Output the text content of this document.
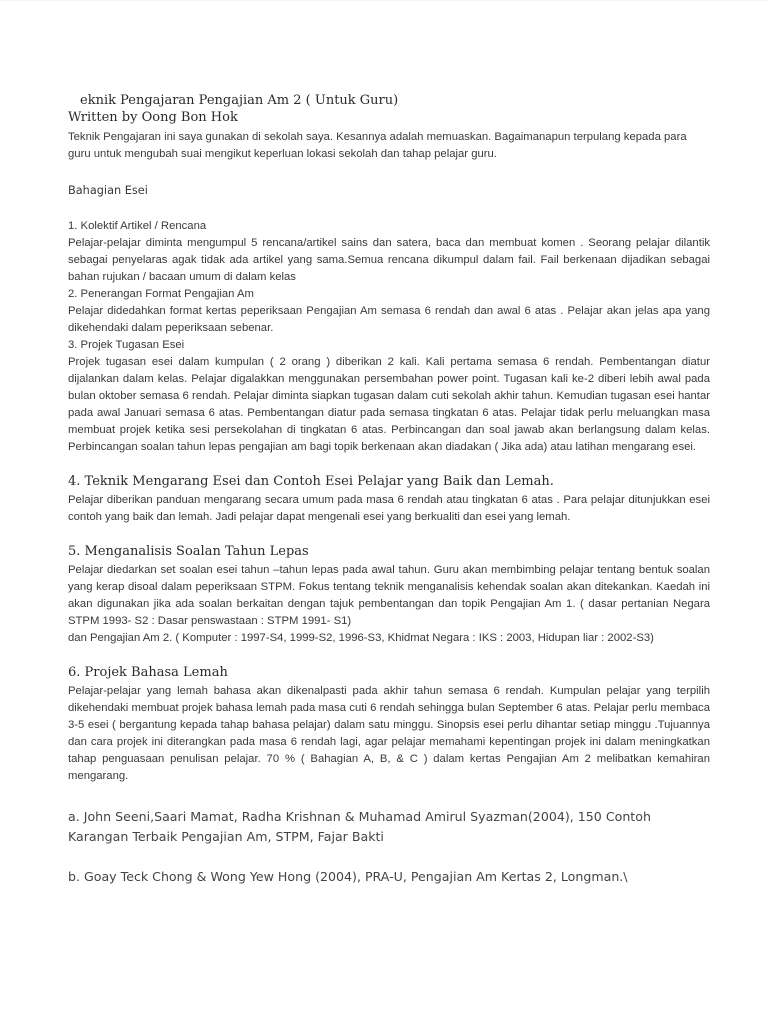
eknik Pengajaran Pengajian Am 2 ( Untuk Guru)

Written by Oong Bon Hok

Teknik Pengajaran ini saya gunakan di sekolah saya. Kesannya adalah memuaskan. Bagaimanapun terpulang kepada para guru untuk mengubah suai mengikut keperluan lokasi sekolah dan tahap pelajar guru.

Bahagian Esei

1. Kolektif Artikel / Rencana

Pelajar-pelajar diminta mengumpul 5 rencana/artikel sains dan satera, baca dan membuat komen . Seorang pelajar dilantik sebagai penyelaras agak tidak ada artikel yang sama.Semua rencana dikumpul dalam fail. Fail berkenaan dijadikan sebagai bahan rujukan / bacaan umum di dalam kelas

2. Penerangan Format Pengajian Am

Pelajar didedahkan format kertas peperiksaan Pengajian Am semasa 6 rendah dan awal 6 atas . Pelajar akan jelas apa yang dikehendaki dalam peperiksaan sebenar.

3. Projek Tugasan Esei

Projek tugasan esei dalam kumpulan ( 2 orang ) diberikan 2 kali. Kali pertama semasa 6 rendah. Pembentangan diatur dijalankan dalam kelas. Pelajar digalakkan menggunakan persembahan power point. Tugasan kali ke-2 diberi lebih awal pada bulan oktober semasa 6 rendah. Pelajar diminta siapkan tugasan dalam cuti sekolah akhir tahun. Kemudian tugasan esei hantar pada awal Januari semasa 6 atas. Pembentangan diatur pada semasa tingkatan 6 atas. Pelajar tidak perlu meluangkan masa membuat projek ketika sesi persekolahan di tingkatan 6 atas. Perbincangan dan soal jawab akan berlangsung dalam kelas. Perbincangan soalan tahun lepas pengajian am bagi topik berkenaan akan diadakan ( Jika ada) atau latihan mengarang esei.

4. Teknik Mengarang Esei dan Contoh Esei Pelajar yang Baik dan Lemah.

Pelajar diberikan panduan mengarang secara umum pada masa 6 rendah atau tingkatan 6 atas . Para pelajar ditunjukkan esei contoh yang baik dan lemah. Jadi pelajar dapat mengenali esei yang berkualiti dan esei yang lemah.

5. Menganalisis Soalan Tahun Lepas

Pelajar diedarkan set soalan esei tahun –tahun lepas pada awal tahun. Guru akan membimbing pelajar tentang bentuk soalan yang kerap disoal dalam peperiksaan STPM. Fokus tentang teknik menganalisis kehendak soalan akan ditekankan. Kaedah ini akan digunakan jika ada soalan berkaitan dengan tajuk pembentangan dan topik Pengajian Am 1. ( dasar pertanian Negara STPM 1993- S2 : Dasar penswastaan : STPM 1991- S1)

dan Pengajian Am 2. ( Komputer : 1997-S4, 1999-S2, 1996-S3, Khidmat Negara : IKS : 2003, Hidupan liar : 2002-S3)

6. Projek Bahasa Lemah

Pelajar-pelajar yang lemah bahasa akan dikenalpasti pada akhir tahun semasa 6 rendah. Kumpulan pelajar yang terpilih dikehendaki membuat projek bahasa lemah pada masa cuti 6 rendah sehingga bulan September 6 atas. Pelajar perlu membaca 3-5 esei ( bergantung kepada tahap bahasa pelajar) dalam satu minggu. Sinopsis esei perlu dihantar setiap minggu .Tujuannya dan cara projek ini diterangkan pada masa 6 rendah lagi, agar pelajar memahami kepentingan projek ini dalam meningkatkan tahap penguasaan penulisan pelajar. 70 % ( Bahagian A, B, & C ) dalam kertas Pengajian Am 2 melibatkan kemahiran mengarang.

a. John Seeni,Saari Mamat, Radha Krishnan & Muhamad Amirul Syazman(2004), 150 Contoh Karangan Terbaik Pengajian Am, STPM, Fajar Bakti

b. Goay Teck Chong & Wong Yew Hong (2004), PRA-U, Pengajian Am Kertas 2, Longman.\
